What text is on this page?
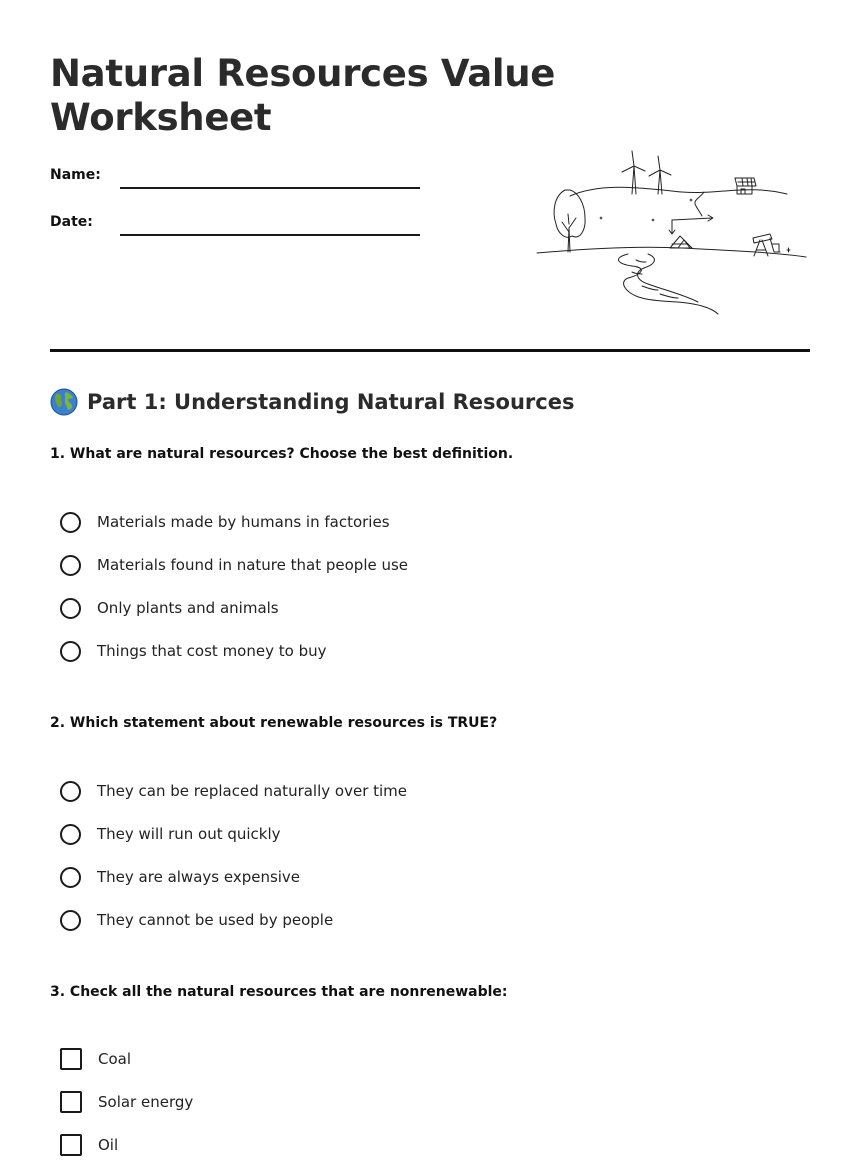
Natural Resources Value Worksheet
Name:
Date:
Part 1: Understanding Natural Resources

1. What are natural resources? Choose the best definition.

Materials made by humans in factories
Materials found in nature that people use
Only plants and animals
Things that cost money to buy

2. Which statement about renewable resources is TRUE?

They can be replaced naturally over time
They will run out quickly
They are always expensive
They cannot be used by people

3. Check all the natural resources that are nonrenewable:

Coal
Solar energy
Oil
